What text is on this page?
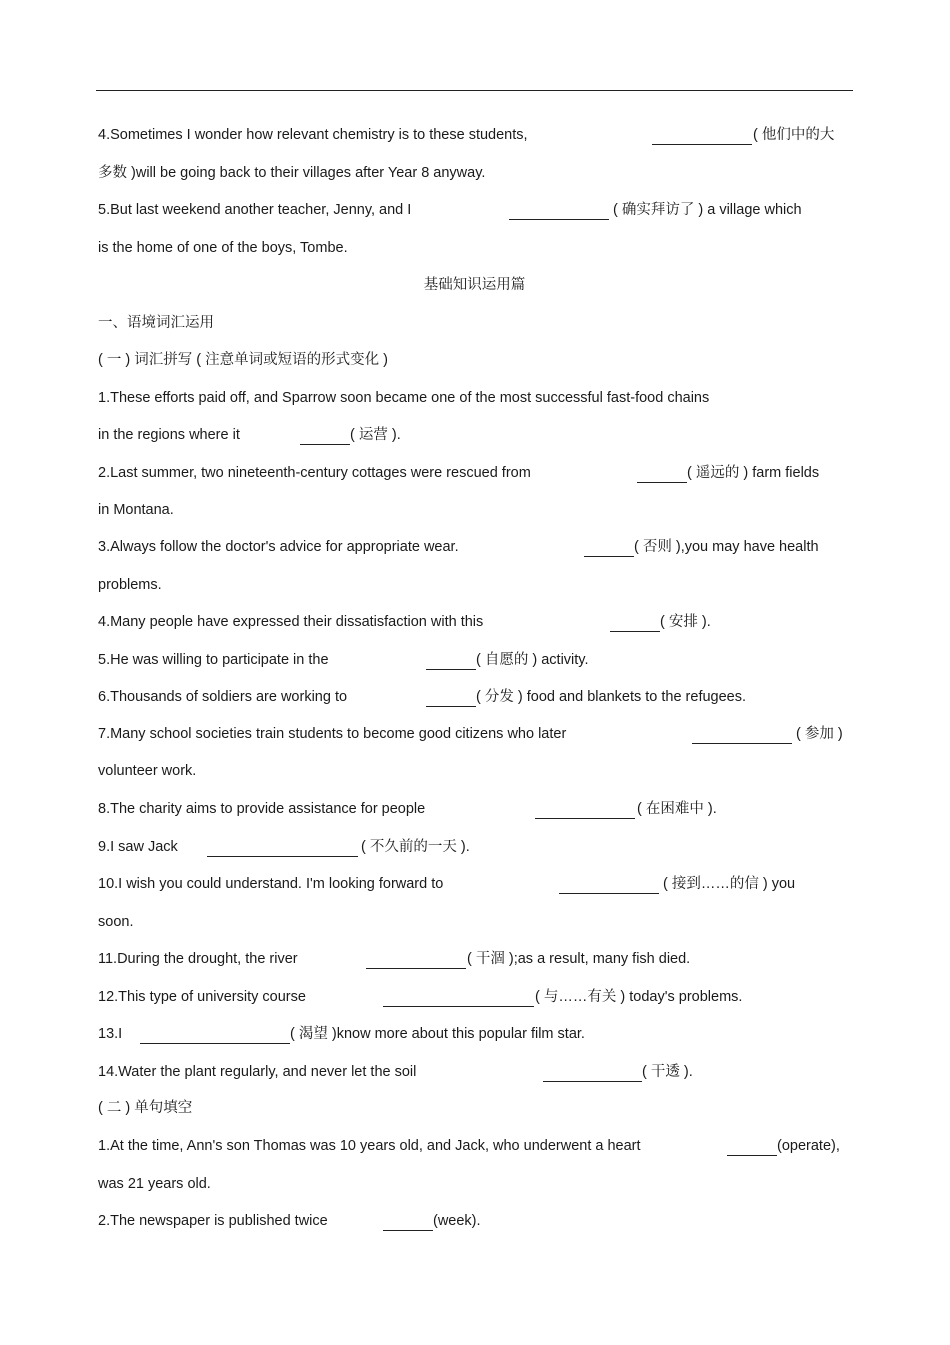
4.Sometimes I wonder how relevant chemistry is to these students,	( 他们中的大
多数 )will be going back to their villages after Year 8 anyway.
5.But last weekend another teacher, Jenny, and I	( 确实拜访了 ) a village which
is the home of one of the boys, Tombe.
基础知识运用篇
一、语境词汇运用
( 一 ) 词汇拼写 ( 注意单词或短语的形式变化 )
1.These efforts paid off, and Sparrow soon became one of the most successful fast-food chains
in the regions where it	( 运营 ).
2.Last summer, two nineteenth-century cottages were rescued from	( 遥远的 ) farm fields
in Montana.
3.Always follow the doctor's advice for appropriate wear.	( 否则 ),you may have health
problems.
4.Many people have expressed their dissatisfaction with this	( 安排 ).
5.He was willing to participate in the	( 自愿的 ) activity.
6.Thousands of soldiers are working to	( 分发 ) food and blankets to the refugees.
7.Many school societies train students to become good citizens who later	( 参加 )
volunteer work.
8.The charity aims to provide assistance for people	( 在困难中 ).
9.I saw Jack	( 不久前的一天 ).
10.I wish you could understand. I'm looking forward to	( 接到……的信 ) you
soon.
11.During the drought, the river	( 干涸 );as a result, many fish died.
12.This type of university course	( 与……有关 ) today's problems.
13.I	( 渴望 )know more about this popular film star.
14.Water the plant regularly, and never let the soil	( 干透 ).
( 二 ) 单句填空
1.At the time, Ann's son Thomas was 10 years old, and Jack, who underwent a heart	(operate),
was 21 years old.
2.The newspaper is published twice	(week).
